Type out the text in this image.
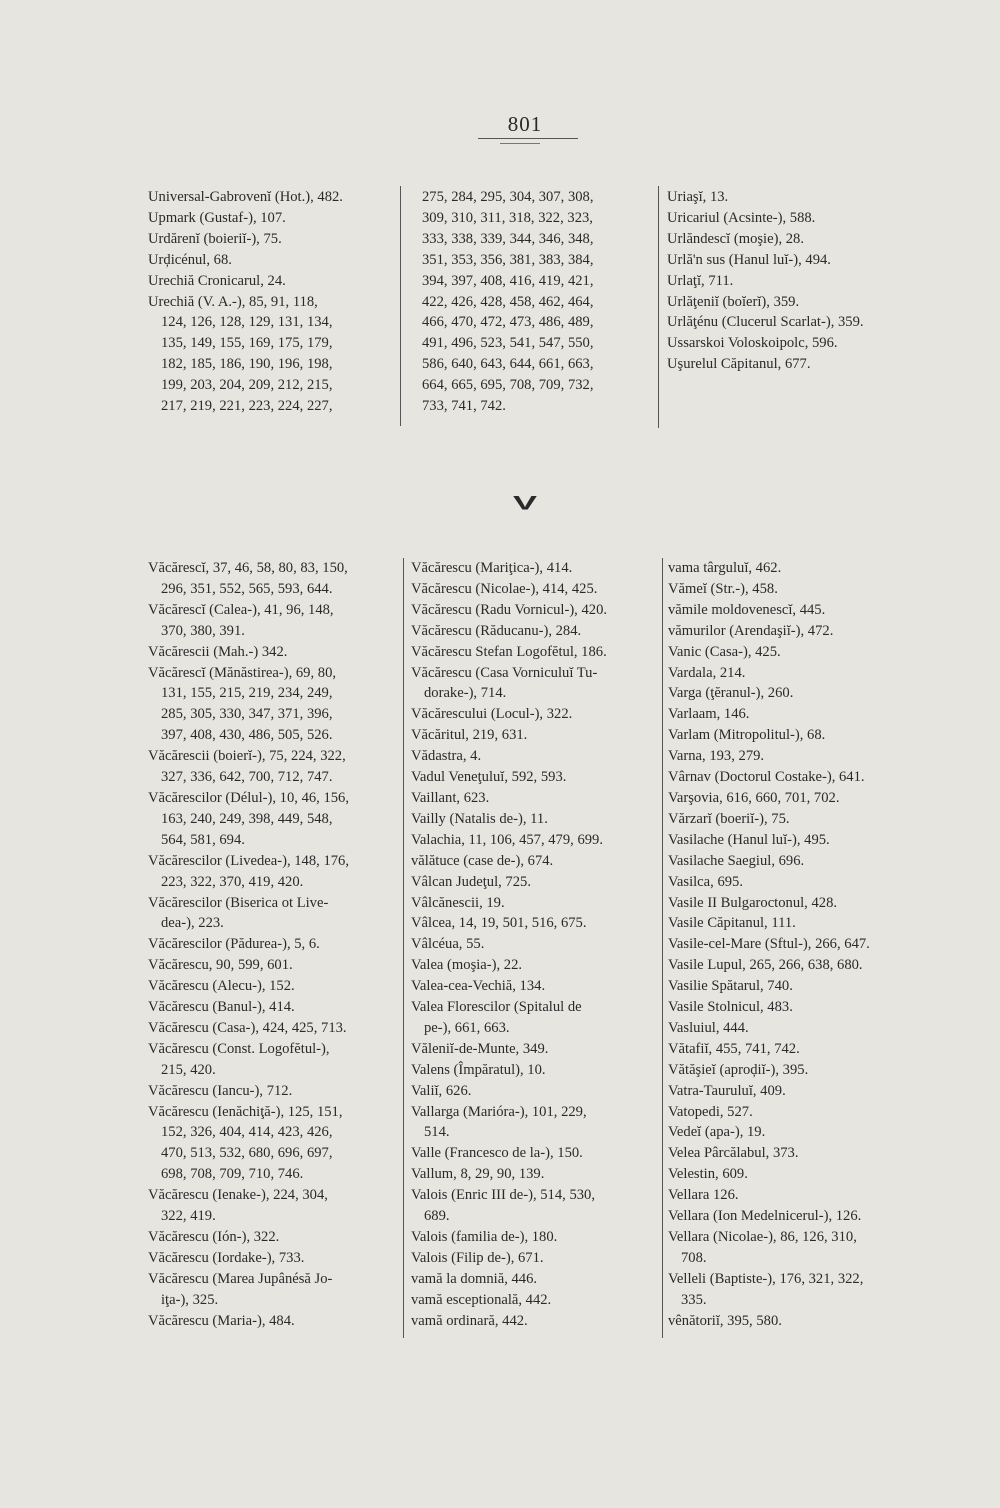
801
Universal-Gabrovenĭ (Hot.), 482.
Upmark (Gustaf-), 107.
Urdărenĭ (boieriĭ-), 75.
Urḑicénul, 68.
Urechiă Cronicarul, 24.
Urechiă (V. A.-), 85, 91, 118,
124, 126, 128, 129, 131, 134,
135, 149, 155, 169, 175, 179,
182, 185, 186, 190, 196, 198,
199, 203, 204, 209, 212, 215,
217, 219, 221, 223, 224, 227,
275, 284, 295, 304, 307, 308,
309, 310, 311, 318, 322, 323,
333, 338, 339, 344, 346, 348,
351, 353, 356, 381, 383, 384,
394, 397, 408, 416, 419, 421,
422, 426, 428, 458, 462, 464,
466, 470, 472, 473, 486, 489,
491, 496, 523, 541, 547, 550,
586, 640, 643, 644, 661, 663,
664, 665, 695, 708, 709, 732,
733, 741, 742.
Uriaşĭ, 13.
Uricariul (Acsinte-), 588.
Urlăndescĭ (moşie), 28.
Urlă'n sus (Hanul luĭ-), 494.
Urlaţĭ, 711.
Urlăţeniĭ (boĭerĭ), 359.
Urlăţénu (Clucerul Scarlat-), 359.
Ussarskoi Voloskoipolc, 596.
Uşurelul Căpitanul, 677.
V
Văcărescĭ, 37, 46, 58, 80, 83, 150,
296, 351, 552, 565, 593, 644.
Văcărescĭ (Calea-), 41, 96, 148,
370, 380, 391.
Văcărescii (Mah.-) 342.
Văcărescĭ (Mănăstirea-), 69, 80,
131, 155, 215, 219, 234, 249,
285, 305, 330, 347, 371, 396,
397, 408, 430, 486, 505, 526.
Văcărescii (boierĭ-), 75, 224, 322,
327, 336, 642, 700, 712, 747.
Văcărescilor (Délul-), 10, 46, 156,
163, 240, 249, 398, 449, 548,
564, 581, 694.
Văcărescilor (Livedea-), 148, 176,
223, 322, 370, 419, 420.
Văcărescilor (Biserica ot Live-
dea-), 223.
Văcărescilor (Pădurea-), 5, 6.
Văcărescu, 90, 599, 601.
Văcărescu (Alecu-), 152.
Văcărescu (Banul-), 414.
Văcărescu (Casa-), 424, 425, 713.
Văcărescu (Const. Logofĕtul-),
215, 420.
Văcărescu (Iancu-), 712.
Văcărescu (Ienăchiţă-), 125, 151,
152, 326, 404, 414, 423, 426,
470, 513, 532, 680, 696, 697,
698, 708, 709, 710, 746.
Văcărescu (Ienake-), 224, 304,
322, 419.
Văcărescu (Ión-), 322.
Văcărescu (Iordake-), 733.
Văcărescu (Marea Jupânésă Jo-
iţa-), 325.
Văcărescu (Maria-), 484.
Văcărescu (Mariţica-), 414.
Văcărescu (Nicolae-), 414, 425.
Văcărescu (Radu Vornicul-), 420.
Văcărescu (Răducanu-), 284.
Văcărescu Stefan Logofĕtul, 186.
Văcărescu (Casa Vorniculuĭ Tu-
dorake-), 714.
Văcărescului (Locul-), 322.
Văcăritul, 219, 631.
Vădastra, 4.
Vadul Veneţuluĭ, 592, 593.
Vaillant, 623.
Vailly (Natalis de-), 11.
Valachia, 11, 106, 457, 479, 699.
vălătuce (case de-), 674.
Vâlcan Judeţul, 725.
Vâlcănescii, 19.
Vâlcea, 14, 19, 501, 516, 675.
Vâlcéua, 55.
Valea (moşia-), 22.
Valea-cea-Vechiă, 134.
Valea Florescilor (Spitalul de
pe-), 661, 663.
Văleniĭ-de-Munte, 349.
Valens (Împăratul), 10.
Valiĭ, 626.
Vallarga (Marióra-), 101, 229,
514.
Valle (Francesco de la-), 150.
Vallum, 8, 29, 90, 139.
Valois (Enric III de-), 514, 530,
689.
Valois (familia de-), 180.
Valois (Filip de-), 671.
vamă la domniă, 446.
vamă esceptională, 442.
vamă ordinară, 442.
vama târguluĭ, 462.
Vămeĭ (Str.-), 458.
vămile moldovenescĭ, 445.
vămurilor (Arendaşiĭ-), 472.
Vanic (Casa-), 425.
Vardala, 214.
Varga (ţĕranul-), 260.
Varlaam, 146.
Varlam (Mitropolitul-), 68.
Varna, 193, 279.
Vârnav (Doctorul Costake-), 641.
Varşovia, 616, 660, 701, 702.
Vărzarĭ (boeriĭ-), 75.
Vasilache (Hanul luĭ-), 495.
Vasilache Saegiul, 696.
Vasilca, 695.
Vasile II Bulgaroctonul, 428.
Vasile Căpitanul, 111.
Vasile-cel-Mare (Sftul-), 266, 647.
Vasile Lupul, 265, 266, 638, 680.
Vasilie Spătarul, 740.
Vasile Stolnicul, 483.
Vasluiul, 444.
Vătafiĭ, 455, 741, 742.
Vătăşieĭ (aproḑiĭ-), 395.
Vatra-Tauruluĭ, 409.
Vatopedi, 527.
Vedeĭ (apa-), 19.
Velea Pârcălabul, 373.
Velestin, 609.
Vellara 126.
Vellara (Ion Medelnicerul-), 126.
Vellara (Nicolae-), 86, 126, 310,
708.
Velleli (Baptiste-), 176, 321, 322,
335.
vênătoriĭ, 395, 580.
